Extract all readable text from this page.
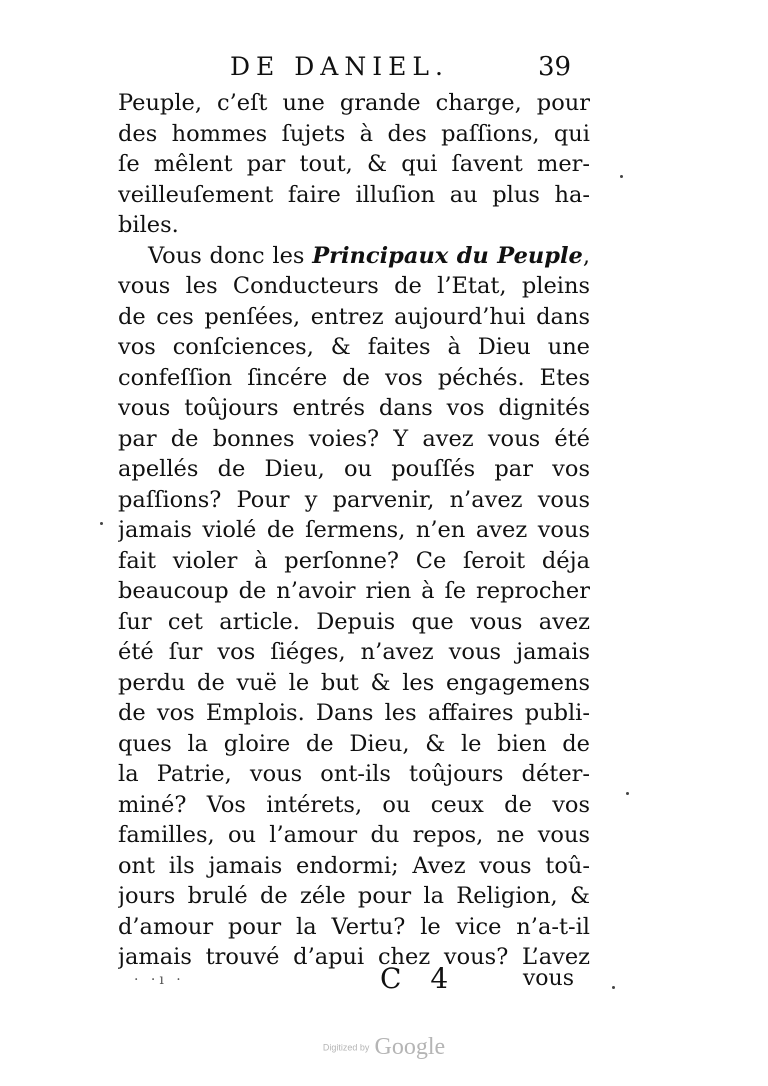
DE DANIEL.	39
Peuple, c’eſt une grande charge, pour
des hommes ſujets à des paſſions, qui
ſe mêlent par tout, & qui ſavent mer-
veilleuſement faire illuſion au plus ha-
biles.
Vous donc les Principaux du Peuple,
vous les Conducteurs de l’Etat, pleins
de ces penſées, entrez aujourd’hui dans
vos conſciences, & faites à Dieu une
confeſſion ſincére de vos péchés. Etes
vous toûjours entrés dans vos dignités
par de bonnes voies? Y avez vous été
apellés de Dieu, ou pouſſés par vos
paſſions? Pour y parvenir, n’avez vous
jamais violé de ſermens, n’en avez vous
fait violer à perſonne? Ce ſeroit déja
beaucoup de n’avoir rien à ſe reprocher
ſur cet article. Depuis que vous avez
été ſur vos ſiéges, n’avez vous jamais
perdu de vuë le but & les engagemens
de vos Emplois. Dans les affaires publi-
ques la gloire de Dieu, & le bien de
la Patrie, vous ont-ils toûjours déter-
miné? Vos intérets, ou ceux de vos
familles, ou l’amour du repos, ne vous
ont ils jamais endormi; Avez vous toû-
jours brulé de zéle pour la Religion, &
d’amour pour la Vertu? le vice n’a-t-il
jamais trouvé d’apui chez vous? L’avez
· ·ı ·	C 4	vous
Digitized by Google
